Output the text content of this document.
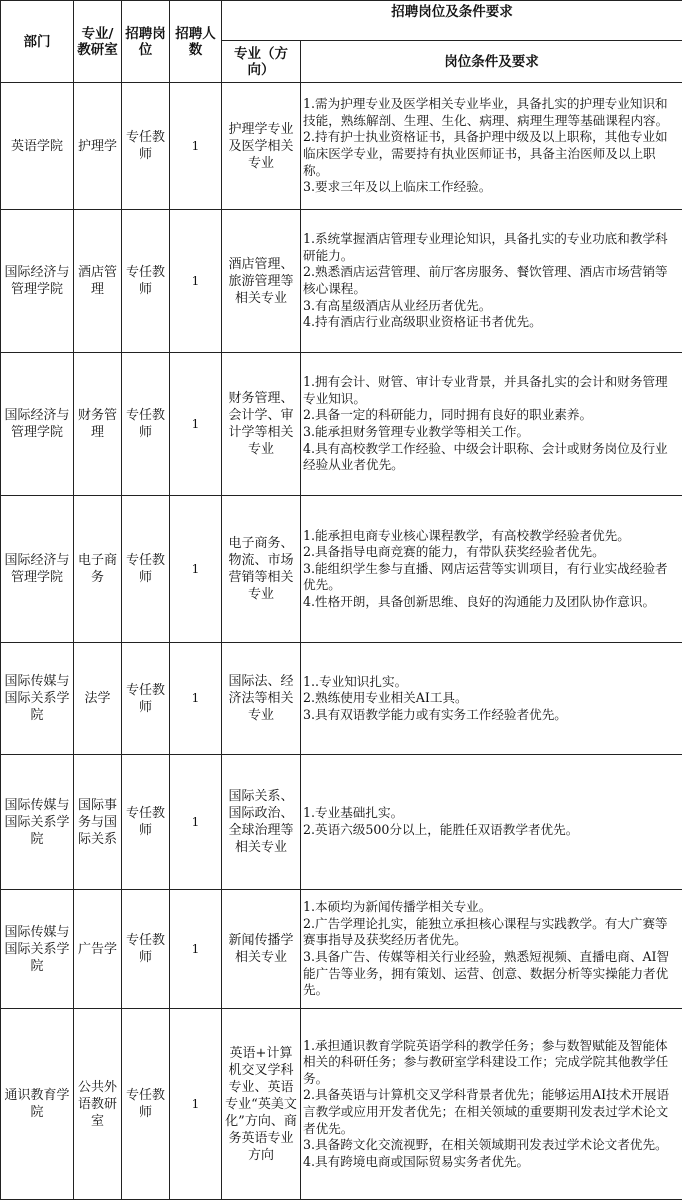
部门	专业/教研室	招聘岗位	招聘人数	招聘岗位及条件要求	
				专业（方向）	岗位条件及要求
英语学院	护理学	专任教师	1	护理学专业及医学相关专业	1.需为护理专业及医学相关专业毕业，具备扎实的护理专业知识和技能，熟练解剖、生理、生化、病理、病理生理等基础课程内容。
2.持有护士执业资格证书，具备护理中级及以上职称，其他专业如临床医学专业，需要持有执业医师证书，具备主治医师及以上职称。
3.要求三年及以上临床工作经验。

国际经济与管理学院	酒店管理	专任教师	1	酒店管理、旅游管理等相关专业	1.系统掌握酒店管理专业理论知识，具备扎实的专业功底和教学科研能力。
2.熟悉酒店运营管理、前厅客房服务、餐饮管理、酒店市场营销等核心课程。
3.有高星级酒店从业经历者优先。
4.持有酒店行业高级职业资格证书者优先。

国际经济与管理学院	财务管理	专任教师	1	财务管理、会计学、审计学等相关专业	1.拥有会计、财管、审计专业背景，并具备扎实的会计和财务管理专业知识。
2.具备一定的科研能力，同时拥有良好的职业素养。
3.能承担财务管理专业教学等相关工作。
4.具有高校教学工作经验、中级会计职称、会计或财务岗位及行业经验从业者优先。

国际经济与管理学院	电子商务	专任教师	1	电子商务、物流、市场营销等相关专业	1.能承担电商专业核心课程教学，有高校教学经验者优先。
2.具备指导电商竞赛的能力，有带队获奖经验者优先。
3.能组织学生参与直播、网店运营等实训项目，有行业实战经验者优先。
4.性格开朗，具备创新思维、良好的沟通能力及团队协作意识。

国际传媒与国际关系学院	法学	专任教师	1	国际法、经济法等相关专业	1..专业知识扎实。
2.熟练使用专业相关AI工具。
3.具有双语教学能力或有实务工作经验者优先。

国际传媒与国际关系学院	国际事务与国际关系	专任教师	1	国际关系、国际政治、全球治理等相关专业	1.专业基础扎实。
2.英语六级500分以上，能胜任双语教学者优先。

国际传媒与国际关系学院	广告学	专任教师	1	新闻传播学相关专业	1.本硕均为新闻传播学相关专业。
2.广告学理论扎实，能独立承担核心课程与实践教学。有大广赛等赛事指导及获奖经历者优先。
3.具备广告、传媒等相关行业经验，熟悉短视频、直播电商、AI智能广告等业务，拥有策划、运营、创意、数据分析等实操能力者优先。

通识教育学院	公共外语教研室	专任教师	1	英语+计算机交叉学科专业、英语专业“英美文化”方向、商务英语专业方向	1.承担通识教育学院英语学科的教学任务；参与数智赋能及智能体相关的科研任务；参与教研室学科建设工作；完成学院其他教学任务。
2.具备英语与计算机交叉学科背景者优先；能够运用AI技术开展语言教学或应用开发者优先；在相关领域的重要期刊发表过学术论文者优先。
3.具备跨文化交流视野，在相关领域期刊发表过学术论文者优先。
4.具有跨境电商或国际贸易实务者优先。
